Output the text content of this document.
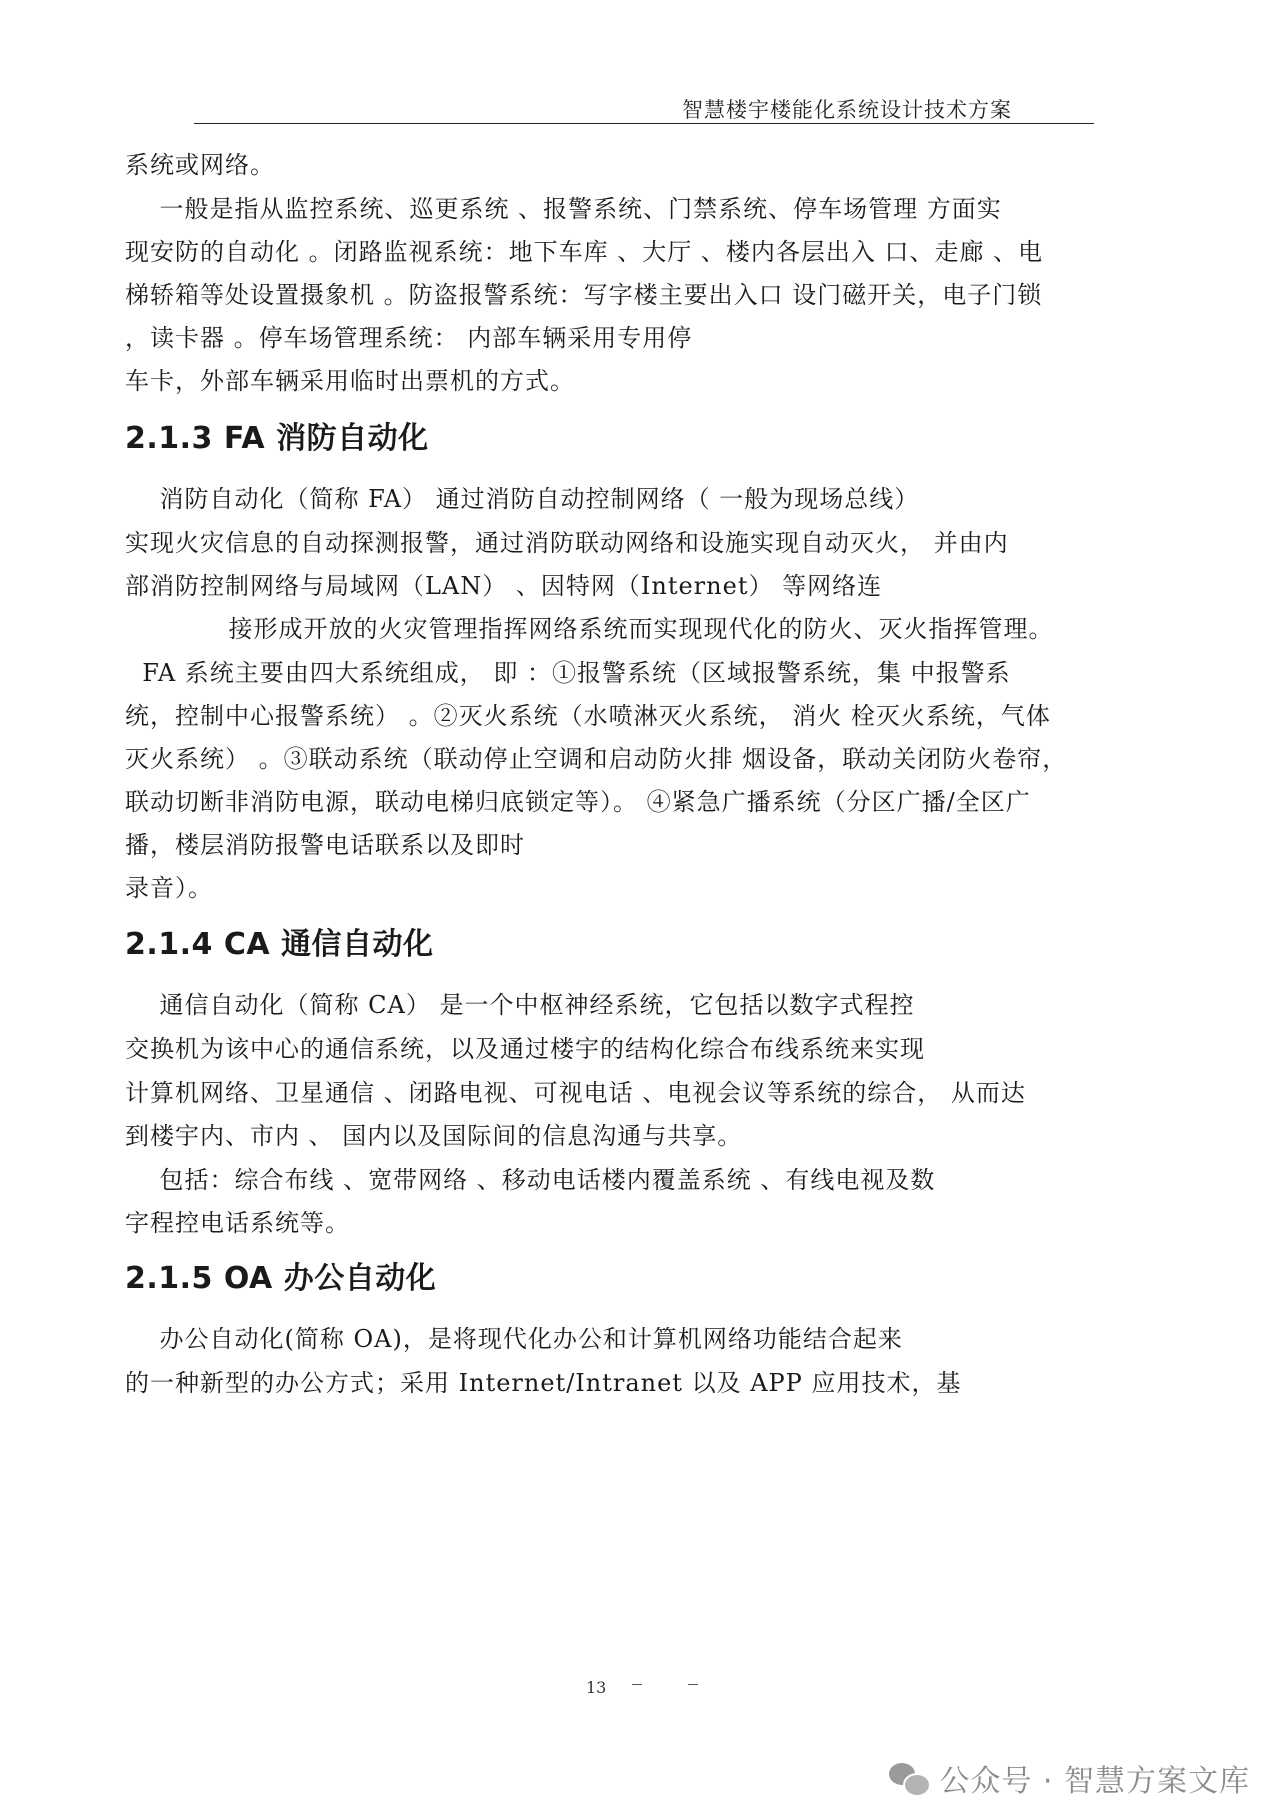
智慧楼宇楼能化系统设计技术方案
系统或网络。
一般是指从监控系统、巡更系统 、报警系统、门禁系统、停车场管理 方面实
现安防的自动化 。闭路监视系统：地下车库 、大厅 、楼内各层出入 口、走廊 、电
梯轿箱等处设置摄象机 。防盗报警系统：写字楼主要出入口 设门磁开关，电子门锁
，读卡器 。停车场管理系统： 内部车辆采用专用停
车卡，外部车辆采用临时出票机的方式。
2.1.3 FA 消防自动化
消防自动化（简称 FA） 通过消防自动控制网络（ 一般为现场总线）
实现火灾信息的自动探测报警，通过消防联动网络和设施实现自动灭火， 并由内
部消防控制网络与局域网（LAN） 、因特网（Internet） 等网络连
接形成开放的火灾管理指挥网络系统而实现现代化的防火、灭火指挥管理。
FA 系统主要由四大系统组成， 即 ：①报警系统（区域报警系统，集 中报警系
统，控制中心报警系统） 。②灭火系统（水喷淋灭火系统， 消火 栓灭火系统，气体
灭火系统） 。③联动系统（联动停止空调和启动防火排 烟设备，联动关闭防火卷帘，
联动切断非消防电源，联动电梯归底锁定等）。 ④紧急广播系统（分区广播/全区广
播，楼层消防报警电话联系以及即时
录音）。
2.1.4 CA 通信自动化
通信自动化（简称 CA） 是一个中枢神经系统，它包括以数字式程控
交换机为该中心的通信系统，以及通过楼宇的结构化综合布线系统来实现
计算机网络、卫星通信 、闭路电视、可视电话 、电视会议等系统的综合， 从而达
到楼宇内、市内 、 国内以及国际间的信息沟通与共享。
包括：综合布线 、宽带网络 、移动电话楼内覆盖系统 、有线电视及数
字程控电话系统等。
2.1.5 OA 办公自动化
办公自动化(简称 OA)，是将现代化办公和计算机网络功能结合起来
的一种新型的办公方式；采用 Internet/Intranet 以及 APP 应用技术，基
13
公众号 · 智慧方案文库
